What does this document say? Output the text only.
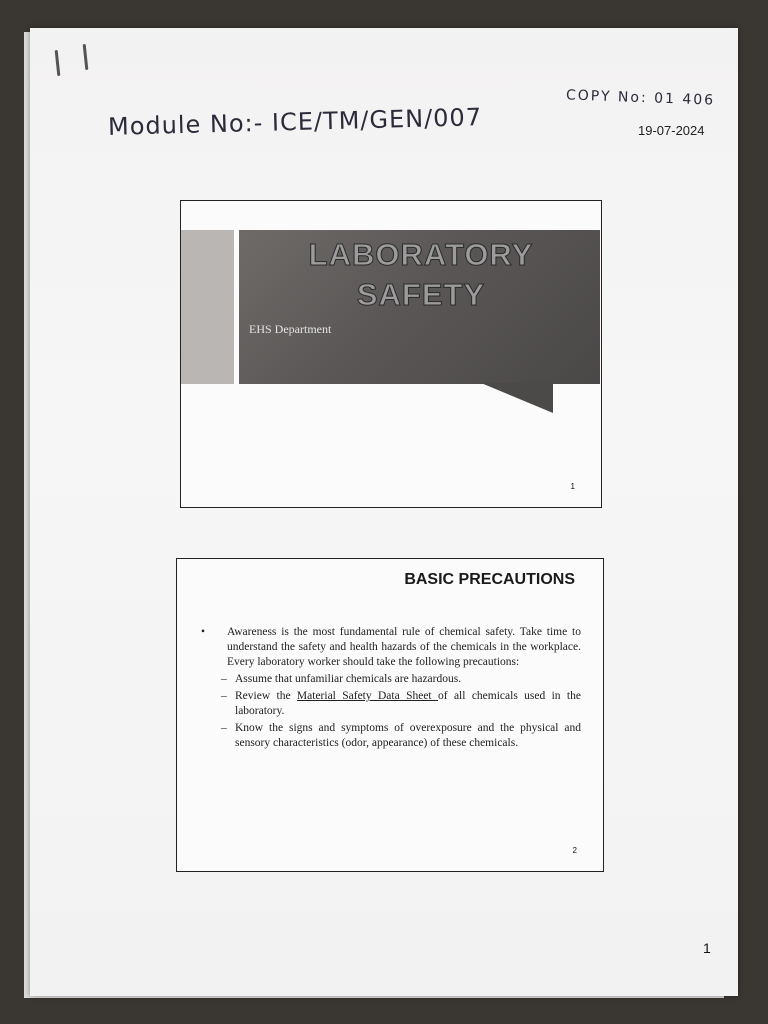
Module No:- ICE/TM/GEN/007
COPY No: 01 406
19-07-2024
LABORATORY
SAFETY
EHS Department
1
BASIC PRECAUTIONS
•	Awareness is the most fundamental rule of chemical safety. Take time to understand the safety and health hazards of the chemicals in the workplace. Every laboratory worker should take the following precautions:
– Assume that unfamiliar chemicals are hazardous.
– Review the Material Safety Data Sheet of all chemicals used in the laboratory.
– Know the signs and symptoms of overexposure and the physical and sensory characteristics (odor, appearance) of these chemicals.
2
1
